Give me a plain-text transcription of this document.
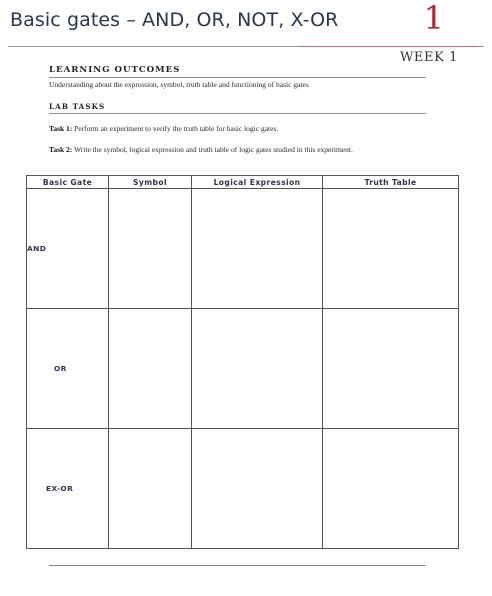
Basic gates – AND, OR, NOT, X-OR	1
WEEK 1
LEARNING OUTCOMES
Understanding about the expression, symbol, truth table and functioning of basic gates
LAB TASKS
Task 1: Perform an experiment to verify the truth table for basic logic gates.
Task 2: Write the symbol, logical expression and truth table of logic gates studied in this experiment.
Basic Gate	Symbol	Logical Expression	Truth Table
AND			
OR			
EX-OR			
